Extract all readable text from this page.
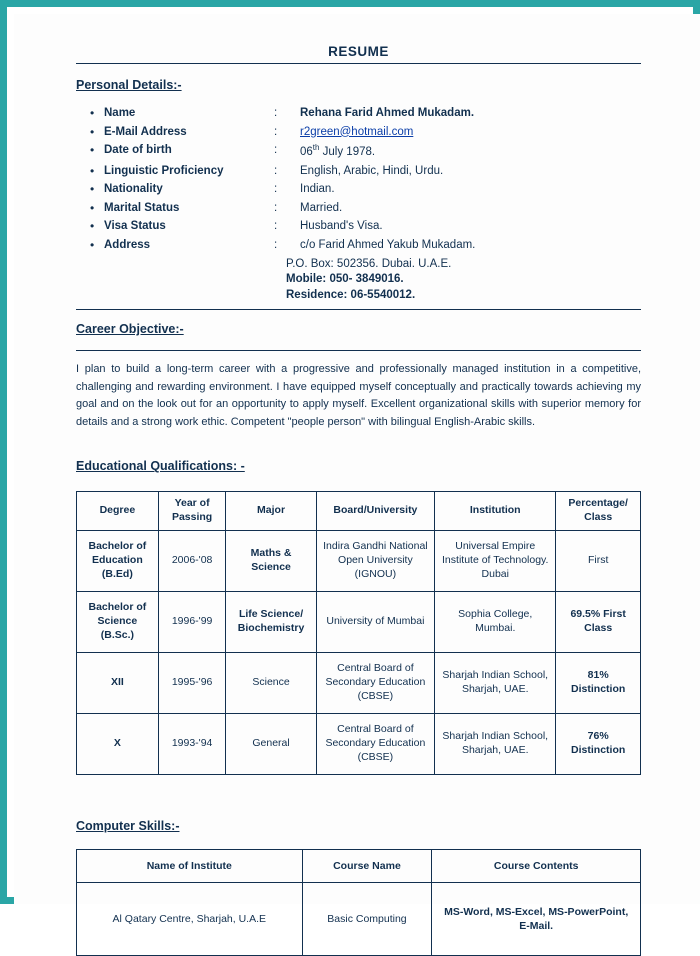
RESUME
Personal Details:-
• Name	:	Rehana Farid Ahmed Mukadam.
• E-Mail Address	:	r2green@hotmail.com
• Date of birth	:	06th July 1978.
• Linguistic Proficiency	:	English, Arabic, Hindi, Urdu.
• Nationality	:	Indian.
• Marital Status	:	Married.
• Visa Status	:	Husband's Visa.
• Address	:	c/o Farid Ahmed Yakub Mukadam.
P.O. Box: 502356. Dubai. U.A.E.
Mobile: 050- 3849016.
Residence: 06-5540012.
Career Objective:-
I plan to build a long-term career with a progressive and professionally managed institution in a competitive, challenging and rewarding environment. I have equipped myself conceptually and practically towards achieving my goal and on the look out for an opportunity to apply myself. Excellent organizational skills with superior memory for details and a strong work ethic. Competent "people person" with bilingual English-Arabic skills.
Educational Qualifications: -
Degree	Year of Passing	Major	Board/University	Institution	Percentage/ Class
Bachelor of Education (B.Ed)	2006-'08	Maths & Science	Indira Gandhi National Open University (IGNOU)	Universal Empire Institute of Technology. Dubai	First
Bachelor of Science (B.Sc.)	1996-'99	Life Science/ Biochemistry	University of Mumbai	Sophia College, Mumbai.	69.5% First Class
XII	1995-'96	Science	Central Board of Secondary Education (CBSE)	Sharjah Indian School, Sharjah, UAE.	81% Distinction
X	1993-'94	General	Central Board of Secondary Education (CBSE)	Sharjah Indian School, Sharjah, UAE.	76% Distinction
Computer Skills:-
Name of Institute	Course Name	Course Contents
Al Qatary Centre, Sharjah, U.A.E	Basic Computing	MS-Word, MS-Excel, MS-PowerPoint, E-Mail.
